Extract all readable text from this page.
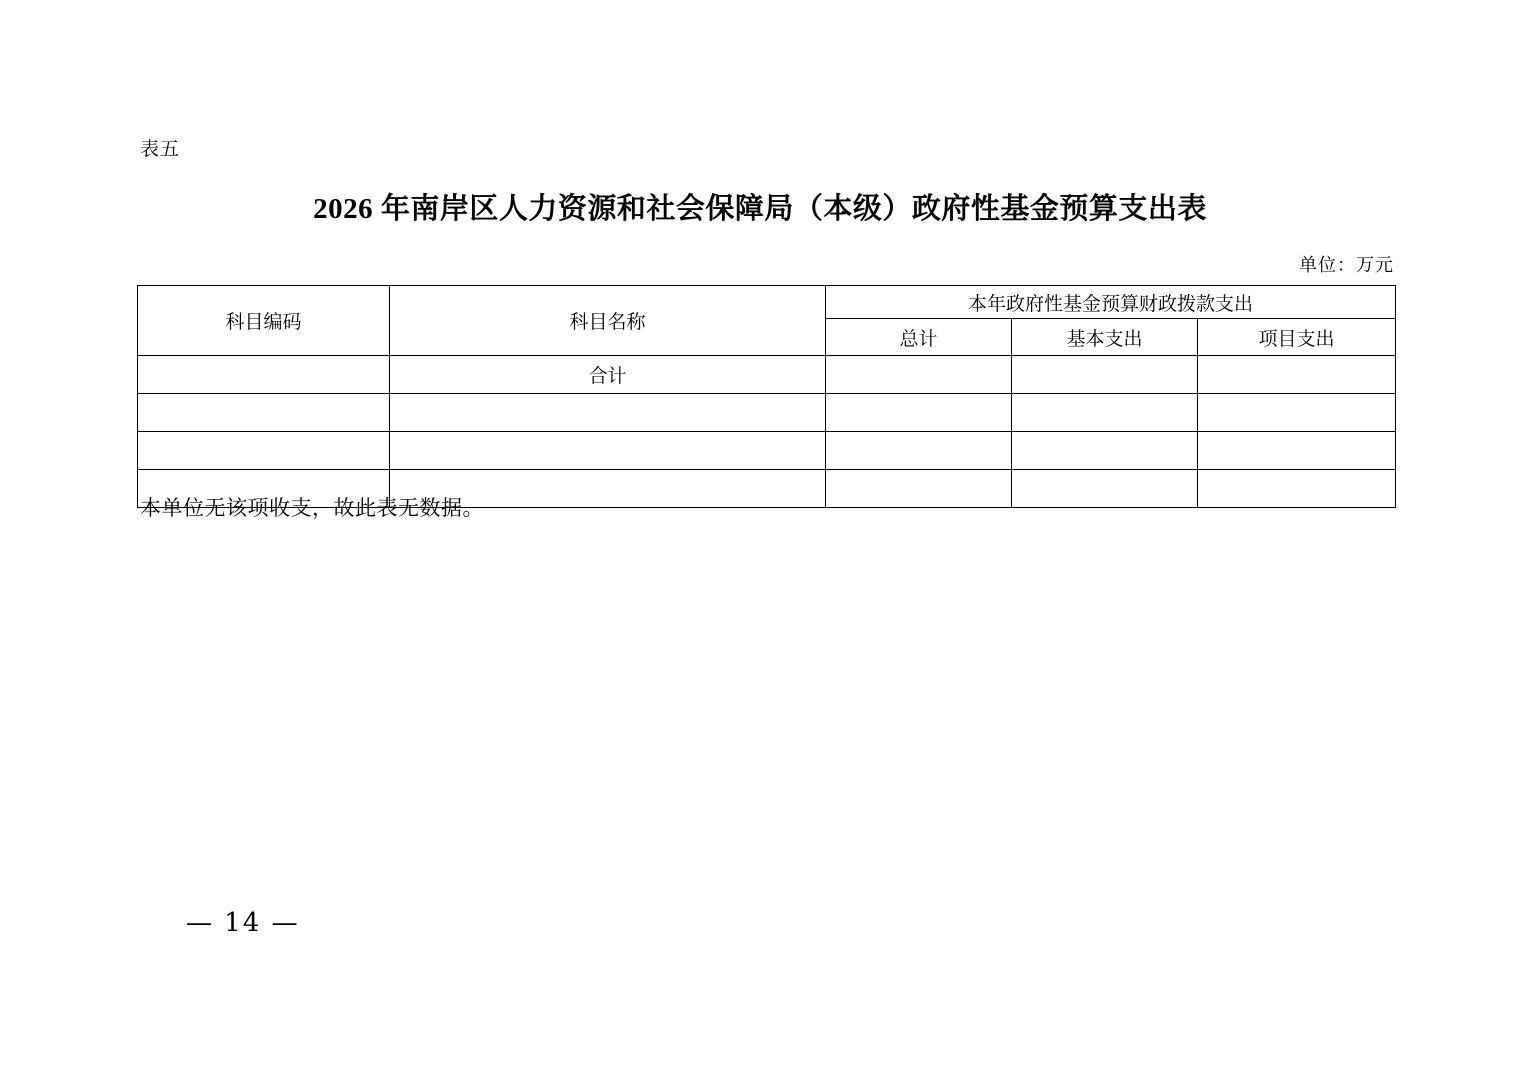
表五
2026 年南岸区人力资源和社会保障局（本级）政府性基金预算支出表
单位：万元
科目编码	科目名称	本年政府性基金预算财政拨款支出		
		总计	基本支出	项目支出
	合计			

本单位无该项收支，故此表无数据。
— 14 —
